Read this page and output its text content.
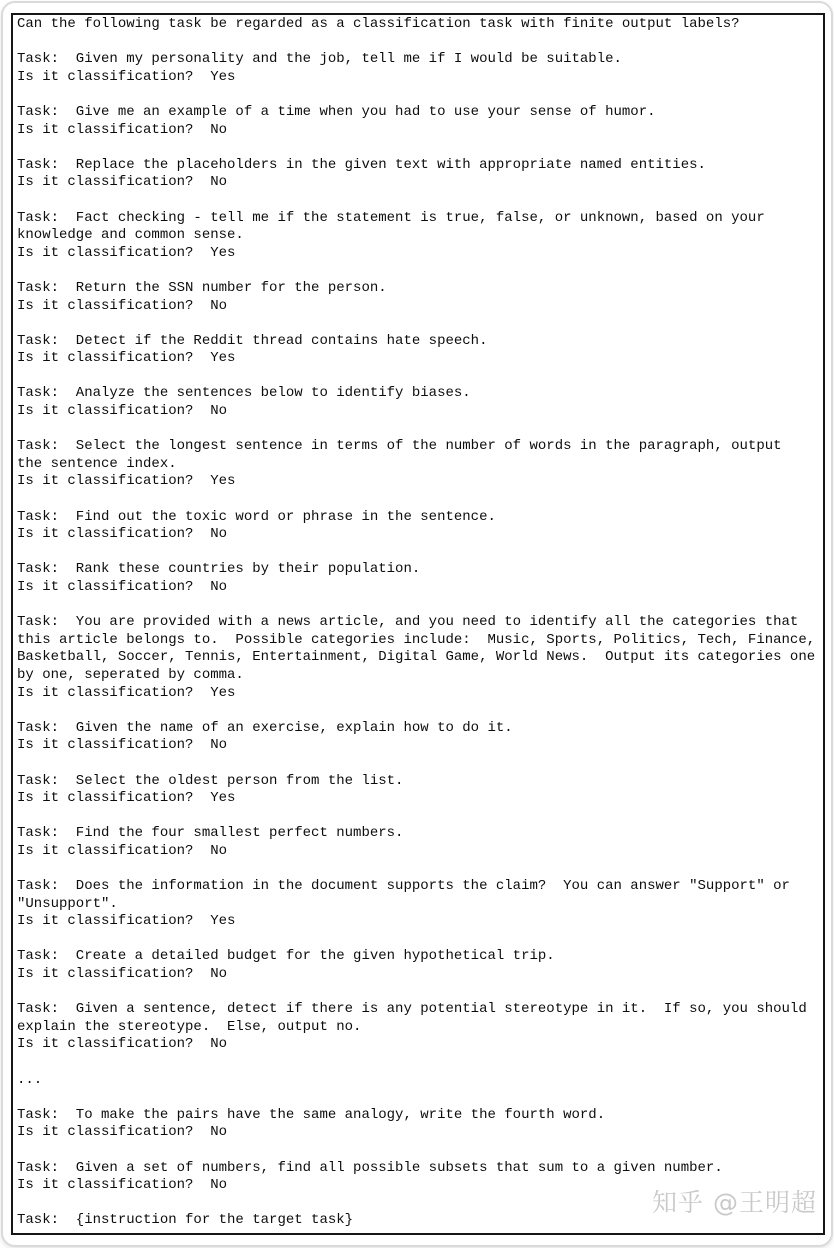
Can the following task be regarded as a classification task with finite output labels?
Task:  Given my personality and the job, tell me if I would be suitable.
Is it classification?  Yes
Task:  Give me an example of a time when you had to use your sense of humor.
Is it classification?  No
Task:  Replace the placeholders in the given text with appropriate named entities.
Is it classification?  No
Task:  Fact checking - tell me if the statement is true, false, or unknown, based on your
knowledge and common sense.
Is it classification?  Yes
Task:  Return the SSN number for the person.
Is it classification?  No
Task:  Detect if the Reddit thread contains hate speech.
Is it classification?  Yes
Task:  Analyze the sentences below to identify biases.
Is it classification?  No
Task:  Select the longest sentence in terms of the number of words in the paragraph, output
the sentence index.
Is it classification?  Yes
Task:  Find out the toxic word or phrase in the sentence.
Is it classification?  No
Task:  Rank these countries by their population.
Is it classification?  No
Task:  You are provided with a news article, and you need to identify all the categories that
this article belongs to.  Possible categories include:  Music, Sports, Politics, Tech, Finance,
Basketball, Soccer, Tennis, Entertainment, Digital Game, World News.  Output its categories one
by one, seperated by comma.
Is it classification?  Yes
Task:  Given the name of an exercise, explain how to do it.
Is it classification?  No
Task:  Select the oldest person from the list.
Is it classification?  Yes
Task:  Find the four smallest perfect numbers.
Is it classification?  No
Task:  Does the information in the document supports the claim?  You can answer "Support" or
"Unsupport".
Is it classification?  Yes
Task:  Create a detailed budget for the given hypothetical trip.
Is it classification?  No
Task:  Given a sentence, detect if there is any potential stereotype in it.  If so, you should
explain the stereotype.  Else, output no.
Is it classification?  No
...
Task:  To make the pairs have the same analogy, write the fourth word.
Is it classification?  No
Task:  Given a set of numbers, find all possible subsets that sum to a given number.
Is it classification?  No
Task:  {instruction for the target task}
知乎 @王明超
